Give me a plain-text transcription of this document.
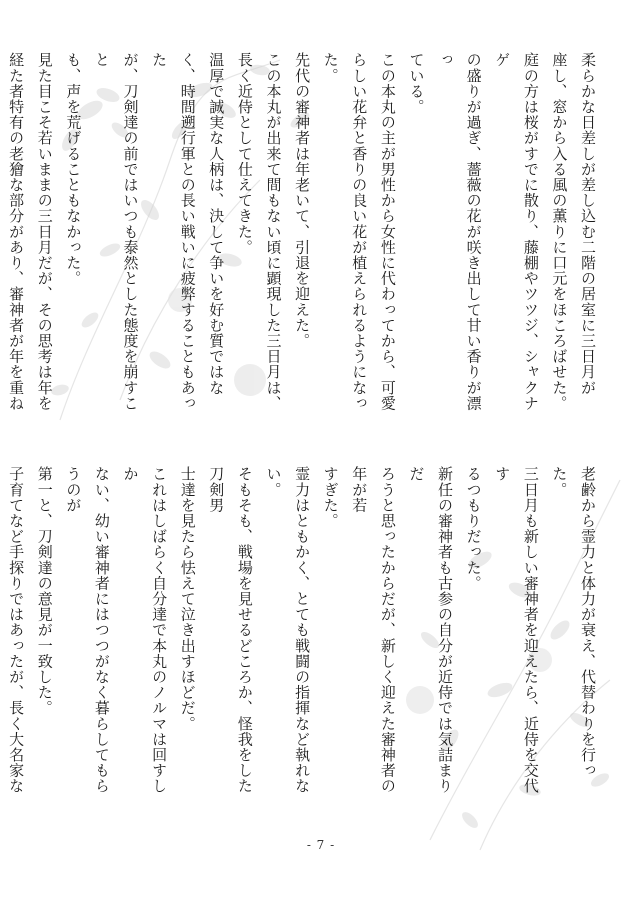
柔らかな日差しが差し込む二階の居室に三日月が

座し、窓から入る風の薫りに口元をほころばせた。

庭の方は桜がすでに散り、藤棚やツツジ、シャクナゲ

の盛りが過ぎ、薔薇の花が咲き出して甘い香りが漂っ

ている。

この本丸の主が男性から女性に代わってから、可愛

らしい花弁と香りの良い花が植えられるようになっ

た。

先代の審神者は年老いて、引退を迎えた。

この本丸が出来て間もない頃に顕現した三日月は、

長く近侍として仕えてきた。

温厚で誠実な人柄は、決して争いを好む質ではな

く、時間遡行軍との長い戦いに疲弊することもあった

が、刀剣達の前ではいつも泰然とした態度を崩すこと

も、声を荒げることもなかった。

見た目こそ若いままの三日月だが、その思考は年を

経た者特有の老獪な部分があり、審神者が年を重ね

老齢から霊力と体力が衰え、代替わりを行った。

三日月も新しい審神者を迎えたら、近侍を交代す

るつもりだった。

新任の審神者も古参の自分が近侍では気詰まりだ

ろうと思ったからだが、新しく迎えた審神者の年が若

すぎた。

霊力はともかく、とても戦闘の指揮など執れない。

そもそも、戦場を見せるどころか、怪我をした刀剣男

士達を見たら怯えて泣き出すほどだ。

これはしばらく自分達で本丸のノルマは回すしか

ない、幼い審神者にはつつがなく暮らしてもらうのが

第一と、刀剣達の意見が一致した。

子育てなど手探りではあったが、長く大名家な

- 7 -
